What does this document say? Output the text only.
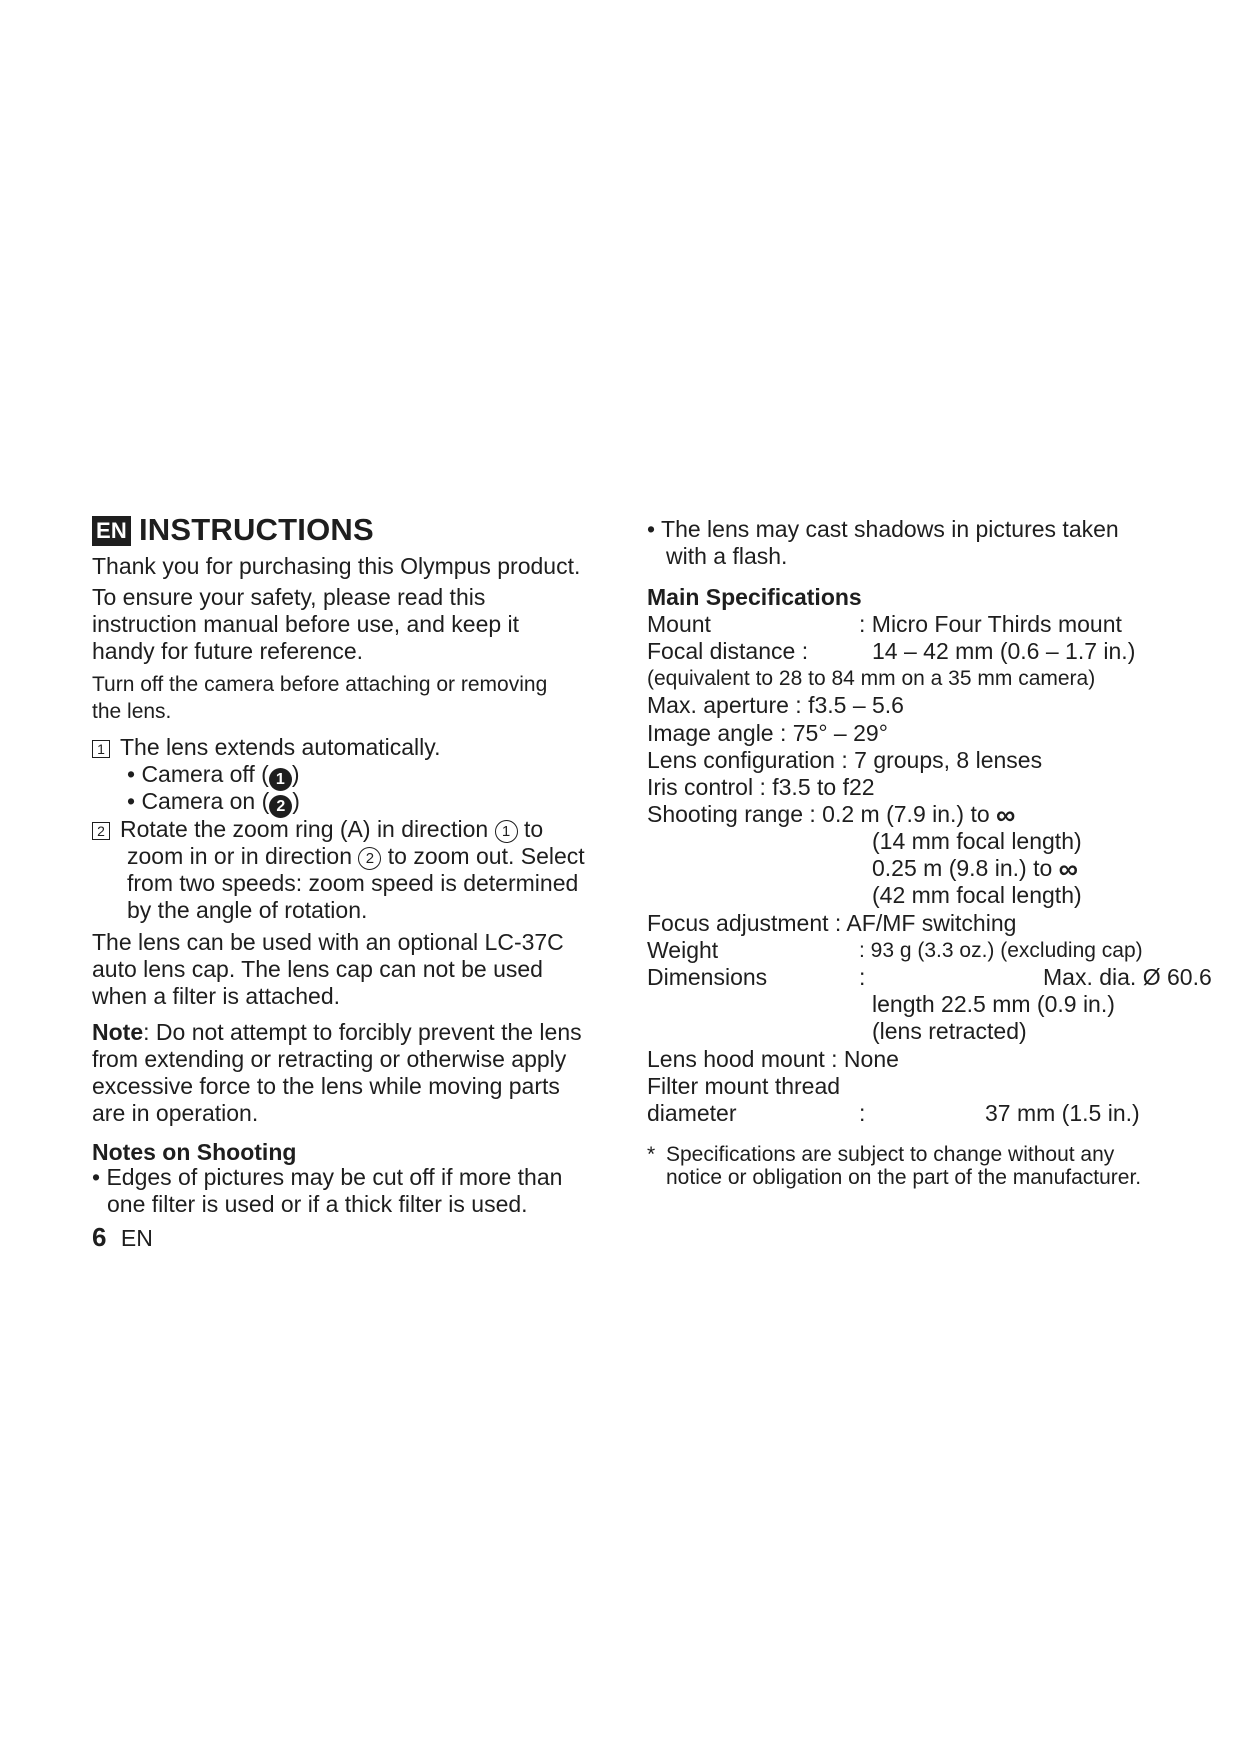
EN INSTRUCTIONS
Thank you for purchasing this Olympus product.
To ensure your safety, please read this
instruction manual before use, and keep it
handy for future reference.
Turn off the camera before attaching or removing
the lens.
1 The lens extends automatically.
• Camera off ( 1 )
• Camera on ( 2 )
2 Rotate the zoom ring (A) in direction 1 to
zoom in or in direction 2 to zoom out. Select
from two speeds: zoom speed is determined
by the angle of rotation.
The lens can be used with an optional LC-37C
auto lens cap. The lens cap can not be used
when a filter is attached.
Note: Do not attempt to forcibly prevent the lens
from extending or retracting or otherwise apply
excessive force to the lens while moving parts
are in operation.
Notes on Shooting
• Edges of pictures may be cut off if more than
one filter is used or if a thick filter is used.
6 EN
• The lens may cast shadows in pictures taken
with a flash.
Main Specifications
Mount	: Micro Four Thirds mount
Focal distance :	14 – 42 mm (0.6 – 1.7 in.)
(equivalent to 28 to 84 mm on a 35 mm camera)
Max. aperture : f3.5 – 5.6
Image angle : 75° – 29°
Lens configuration : 7 groups, 8 lenses
Iris control : f3.5 to f22
Shooting range : 0.2 m (7.9 in.) to ∞
(14 mm focal length)
0.25 m (9.8 in.) to ∞
(42 mm focal length)
Focus adjustment : AF/MF switching
Weight	: 93 g (3.3 oz.) (excluding cap)
Dimensions	:	Max. dia. Ø 60.6
length 22.5 mm (0.9 in.)
(lens retracted)
Lens hood mount : None
Filter mount thread
diameter	:	37 mm (1.5 in.)
* Specifications are subject to change without any
notice or obligation on the part of the manufacturer.
